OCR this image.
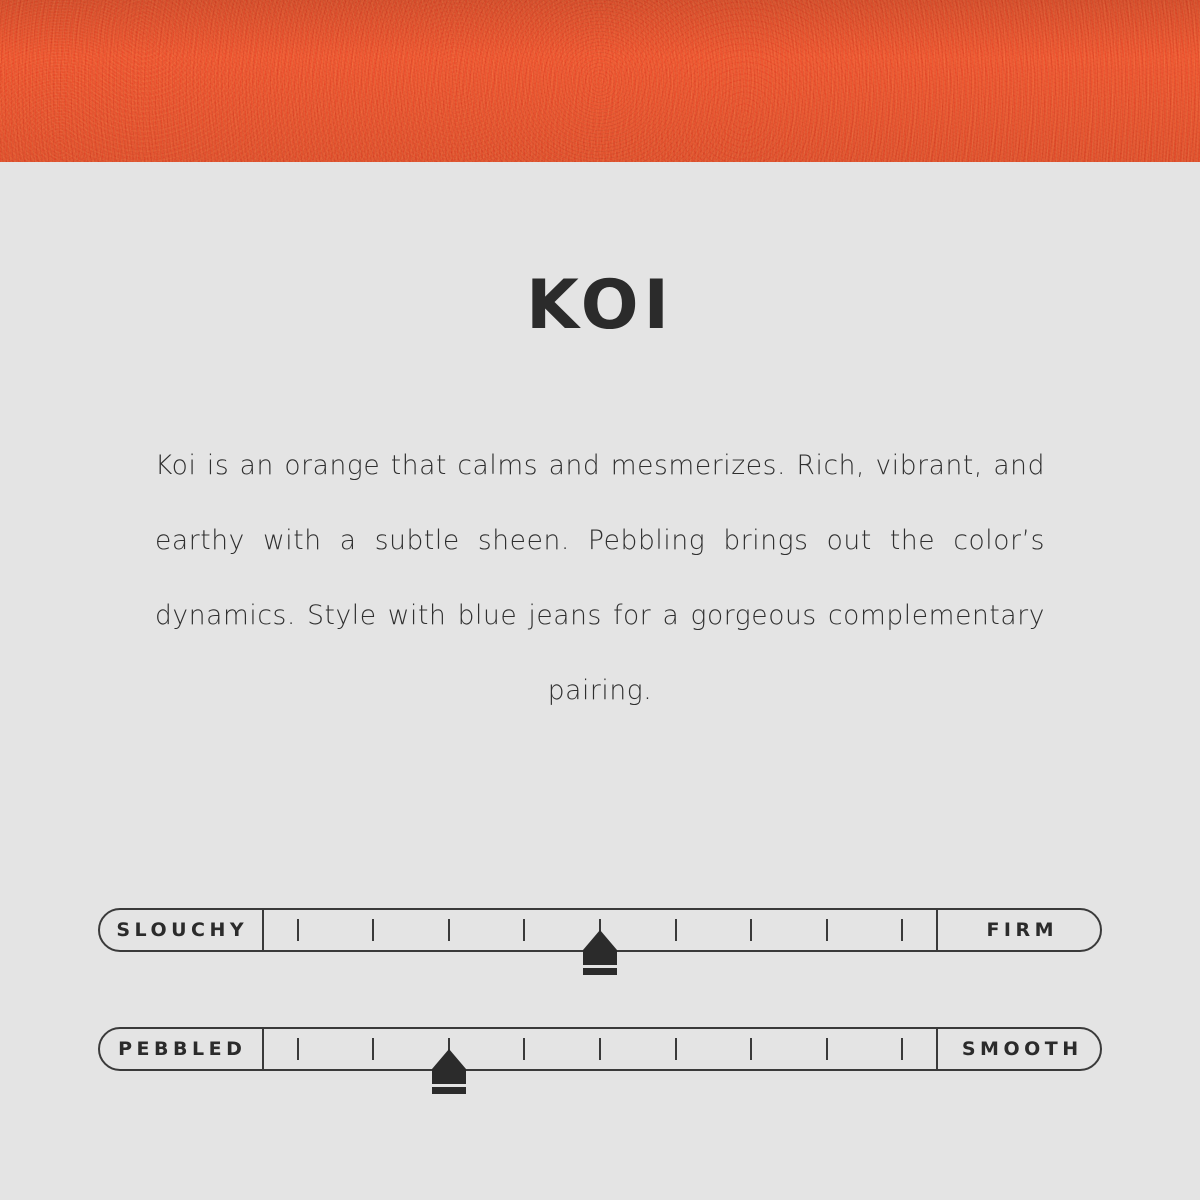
KOI
Koi is an orange that calms and mesmerizes. Rich, vibrant, and earthy with a subtle sheen. Pebbling brings out the color’s dynamics. Style with blue jeans for a gorgeous complementary pairing.
SLOUCHY	FIRM
PEBBLED	SMOOTH
